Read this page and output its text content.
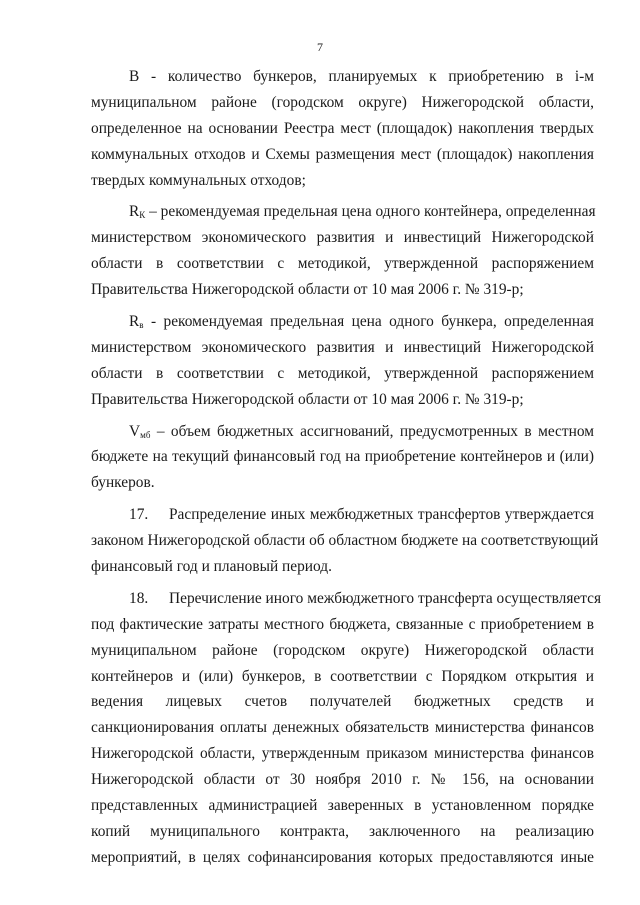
7
В - количество бункеров, планируемых к приобретению в i-м
муниципальном районе (городском округе) Нижегородской области,
определенное на основании Реестра мест (площадок) накопления твердых
коммунальных отходов и Схемы размещения мест (площадок) накопления
твердых коммунальных отходов;
$R_К$ – рекомендуемая предельная цена одного контейнера, определенная
министерством экономического развития и инвестиций Нижегородской
области в соответствии с методикой, утвержденной распоряжением
Правительства Нижегородской области от 10 мая 2006 г. № 319-р;
$R_в$ - рекомендуемая предельная цена одного бункера, определенная
министерством экономического развития и инвестиций Нижегородской
области в соответствии с методикой, утвержденной распоряжением
Правительства Нижегородской области от 10 мая 2006 г. № 319-р;
$V_{мб}$ – объем бюджетных ассигнований, предусмотренных в местном
бюджете на текущий финансовый год на приобретение контейнеров и (или)
бункеров.
17. Распределение иных межбюджетных трансфертов утверждается
законом Нижегородской области об областном бюджете на соответствующий
финансовый год и плановый период.
18. Перечисление иного межбюджетного трансферта осуществляется
под фактические затраты местного бюджета, связанные с приобретением в
муниципальном районе (городском округе) Нижегородской области
контейнеров и (или) бункеров, в соответствии с Порядком открытия и
ведения лицевых счетов получателей бюджетных средств и
санкционирования оплаты денежных обязательств министерства финансов
Нижегородской области, утвержденным приказом министерства финансов
Нижегородской области от 30 ноября 2010 г. № 156, на основании
представленных администрацией заверенных в установленном порядке
копий муниципального контракта, заключенного на реализацию
мероприятий, в целях софинансирования которых предоставляются иные
